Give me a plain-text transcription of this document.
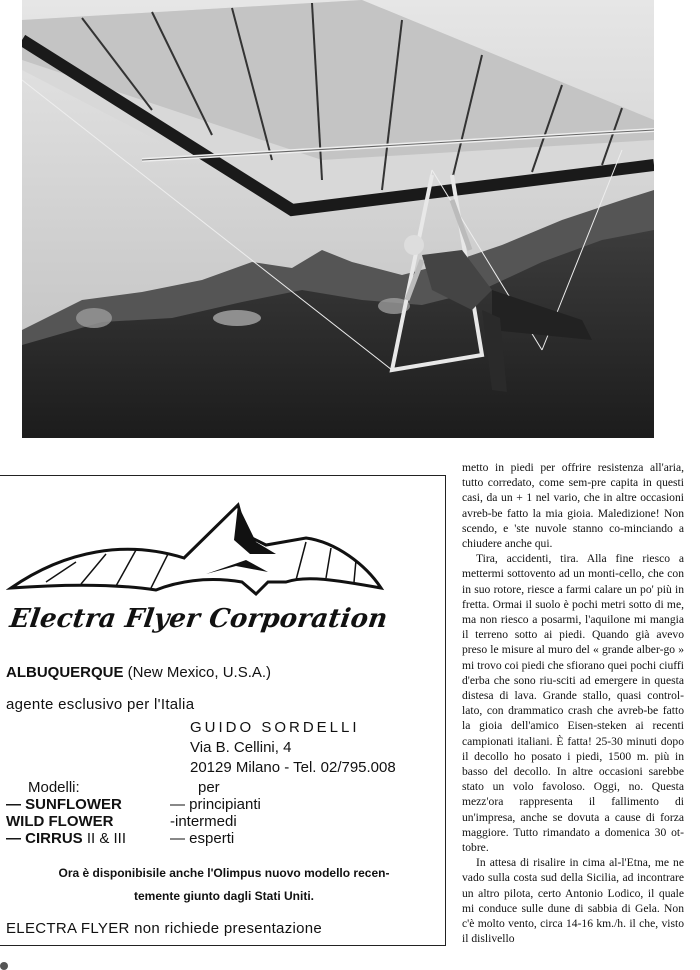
Electra Flyer Corporation
ALBUQUERQUE (New Mexico, U.S.A.)
agente esclusivo per l'Italia
GUIDO SORDELLI
Via B. Cellini, 4
20129 Milano - Tel. 02/795.008
Modelli:	per
— SUNFLOWER	— principianti
WILD FLOWER	-intermedi
— CIRRUS II & III	— esperti
Ora è disponibisile anche l'Olimpus nuovo modello recen-
temente giunto dagli Stati Uniti.
ELECTRA FLYER non richiede presentazione

metto in piedi per offrire resistenza all'aria, tutto corredato, come sem-pre capita in questi casi, da un + 1 nel vario, che in altre occasioni avreb-be fatto la mia gioia. Maledizione! Non scendo, e 'ste nuvole stanno co-minciando a chiudere anche qui.

Tira, accidenti, tira. Alla fine riesco a mettermi sottovento ad un monti-cello, che con in suo rotore, riesce a farmi calare un po' più in fretta. Ormai il suolo è pochi metri sotto di me, ma non riesco a posarmi, l'aquilone mi mangia il terreno sotto ai piedi. Quando già avevo preso le misure al muro del « grande alber-go » mi trovo coi piedi che sfiorano quei pochi ciuffi d'erba che sono riu-sciti ad emergere in questa distesa di lava. Grande stallo, quasi control-lato, con drammatico crash che avreb-be fatto la gioia dell'amico Eisen-steken ai recenti campionati italiani. È fatta! 25-30 minuti dopo il decollo ho posato i piedi, 1500 m. più in basso del decollo. In altre occasioni sarebbe stato un volo favoloso. Oggi, no. Questa mezz'ora rappresenta il fallimento di un'impresa, anche se dovuta a cause di forza maggiore. Tutto rimandato a domenica 30 ot-tobre.

In attesa di risalire in cima al-l'Etna, me ne vado sulla costa sud della Sicilia, ad incontrare un altro pilota, certo Antonio Lodico, il quale mi conduce sulle dune di sabbia di Gela. Non c'è molto vento, circa 14-16 km./h. il che, visto il dislivello
